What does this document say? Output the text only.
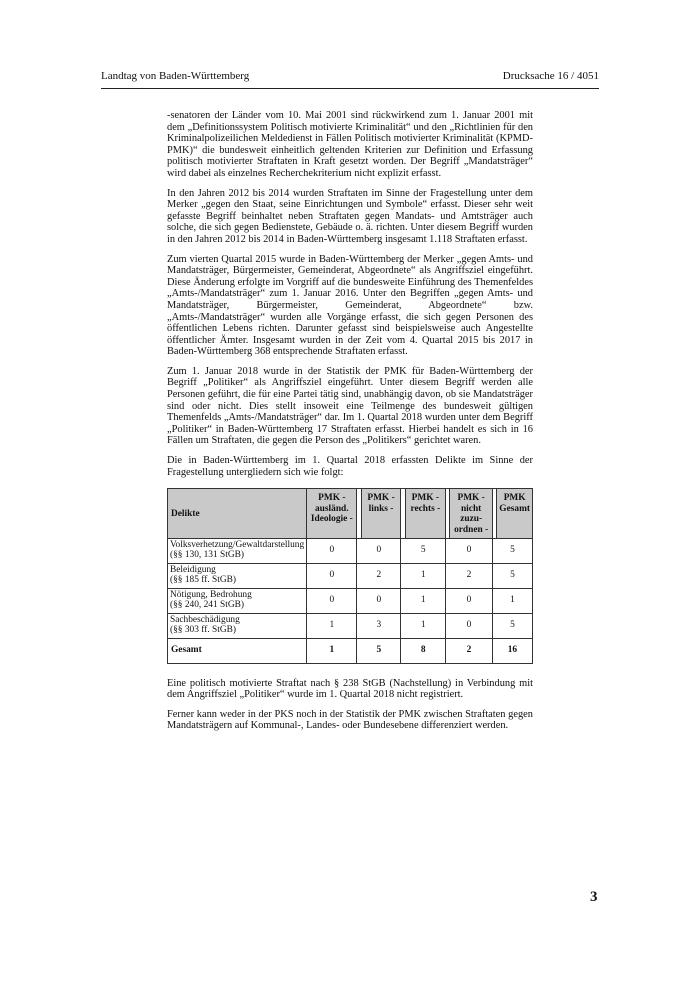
Landtag von Baden-Württemberg	Drucksache 16 / 4051

-senatoren der Länder vom 10. Mai 2001 sind rückwirkend zum 1. Januar 2001 mit dem „Definitionssystem Politisch motivierte Kriminalität“ und den „Richtlinien für den Kriminalpolizeilichen Meldedienst in Fällen Politisch motivierter Kriminalität (KPMD-PMK)“ die bundesweit einheitlich geltenden Kriterien zur Definition und Erfassung politisch motivierter Straftaten in Kraft gesetzt worden. Der Begriff „Mandatsträger“ wird dabei als einzelnes Recherchekriterium nicht explizit erfasst.

In den Jahren 2012 bis 2014 wurden Straftaten im Sinne der Fragestellung unter dem Merker „gegen den Staat, seine Einrichtungen und Symbole“ erfasst. Dieser sehr weit gefasste Begriff beinhaltet neben Straftaten gegen Mandats- und Amtsträger auch solche, die sich gegen Bedienstete, Gebäude o. ä. richten. Unter diesem Begriff wurden in den Jahren 2012 bis 2014 in Baden-Württemberg insgesamt 1.118 Straftaten erfasst.

Zum vierten Quartal 2015 wurde in Baden-Württemberg der Merker „gegen Amts- und Mandatsträger, Bürgermeister, Gemeinderat, Abgeordnete“ als Angriffsziel eingeführt. Diese Änderung erfolgte im Vorgriff auf die bundesweite Einführung des Themenfeldes „Amts-/Mandatsträger“ zum 1. Januar 2016. Unter den Begriffen „gegen Amts- und Mandatsträger, Bürgermeister, Gemeinderat, Abgeordnete“ bzw. „Amts-/Mandatsträger“ wurden alle Vorgänge erfasst, die sich gegen Personen des öffentlichen Lebens richten. Darunter gefasst sind beispielsweise auch Angestellte öffentlicher Ämter. Insgesamt wurden in der Zeit vom 4. Quartal 2015 bis 2017 in Baden-Württemberg 368 entsprechende Straftaten erfasst.

Zum 1. Januar 2018 wurde in der Statistik der PMK für Baden-Württemberg der Begriff „Politiker“ als Angriffsziel eingeführt. Unter diesem Begriff werden alle Personen geführt, die für eine Partei tätig sind, unabhängig davon, ob sie Mandatsträger sind oder nicht. Dies stellt insoweit eine Teilmenge des bundesweit gültigen Themenfelds „Amts-/Mandatsträger“ dar. Im 1. Quartal 2018 wurden unter dem Begriff „Politiker“ in Baden-Württemberg 17 Straftaten erfasst. Hierbei handelt es sich in 16 Fällen um Straftaten, die gegen die Person des „Politikers“ gerichtet waren.

Die in Baden-Württemberg im 1. Quartal 2018 erfassten Delikte im Sinne der Fragestellung untergliedern sich wie folgt:

Delikte	PMK - ausländ. Ideologie -		PMK - links -		PMK - rechts -		PMK - nicht zuzu- ordnen -		PMK Gesamt
Volksverhetzung/Gewaltdarstellung
(§§ 130, 131 StGB)	0	0		5		0		5	
Beleidigung
(§§ 185 ff. StGB)	0	2		1		2		5	
Nötigung, Bedrohung
(§§ 240, 241 StGB)	0	0		1		0		1	
Sachbeschädigung
(§§ 303 ff. StGB)	1	3		1		0		5	
Gesamt	1	5		8		2		16	

Eine politisch motivierte Straftat nach § 238 StGB (Nachstellung) in Verbindung mit dem Angriffsziel „Politiker“ wurde im 1. Quartal 2018 nicht registriert.

Ferner kann weder in der PKS noch in der Statistik der PMK zwischen Straftaten gegen Mandatsträgern auf Kommunal-, Landes- oder Bundesebene differenziert werden.

3
